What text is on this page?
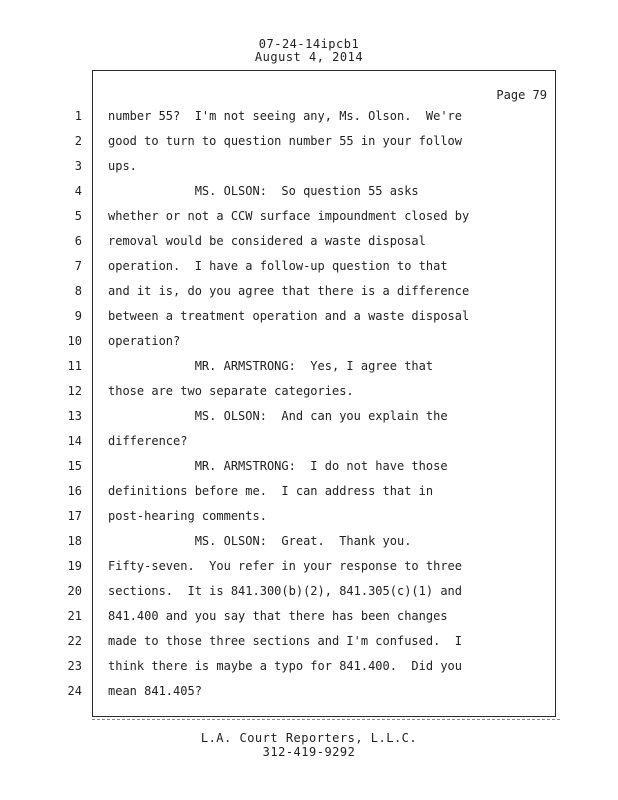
07-24-14ipcb1
August 4, 2014
Page 79
1 number 55?  I'm not seeing any, Ms. Olson.  We're
2 good to turn to question number 55 in your follow
3 ups.
4 MS. OLSON:  So question 55 asks
5 whether or not a CCW surface impoundment closed by
6 removal would be considered a waste disposal
7 operation.  I have a follow-up question to that
8 and it is, do you agree that there is a difference
9 between a treatment operation and a waste disposal
10 operation?
11 MR. ARMSTRONG:  Yes, I agree that
12 those are two separate categories.
13 MS. OLSON:  And can you explain the
14 difference?
15 MR. ARMSTRONG:  I do not have those
16 definitions before me.  I can address that in
17 post-hearing comments.
18 MS. OLSON:  Great.  Thank you.
19 Fifty-seven.  You refer in your response to three
20 sections.  It is 841.300(b)(2), 841.305(c)(1) and
21 841.400 and you say that there has been changes
22 made to those three sections and I'm confused.  I
23 think there is maybe a typo for 841.400.  Did you
24 mean 841.405?
L.A. Court Reporters, L.L.C.
312-419-9292
